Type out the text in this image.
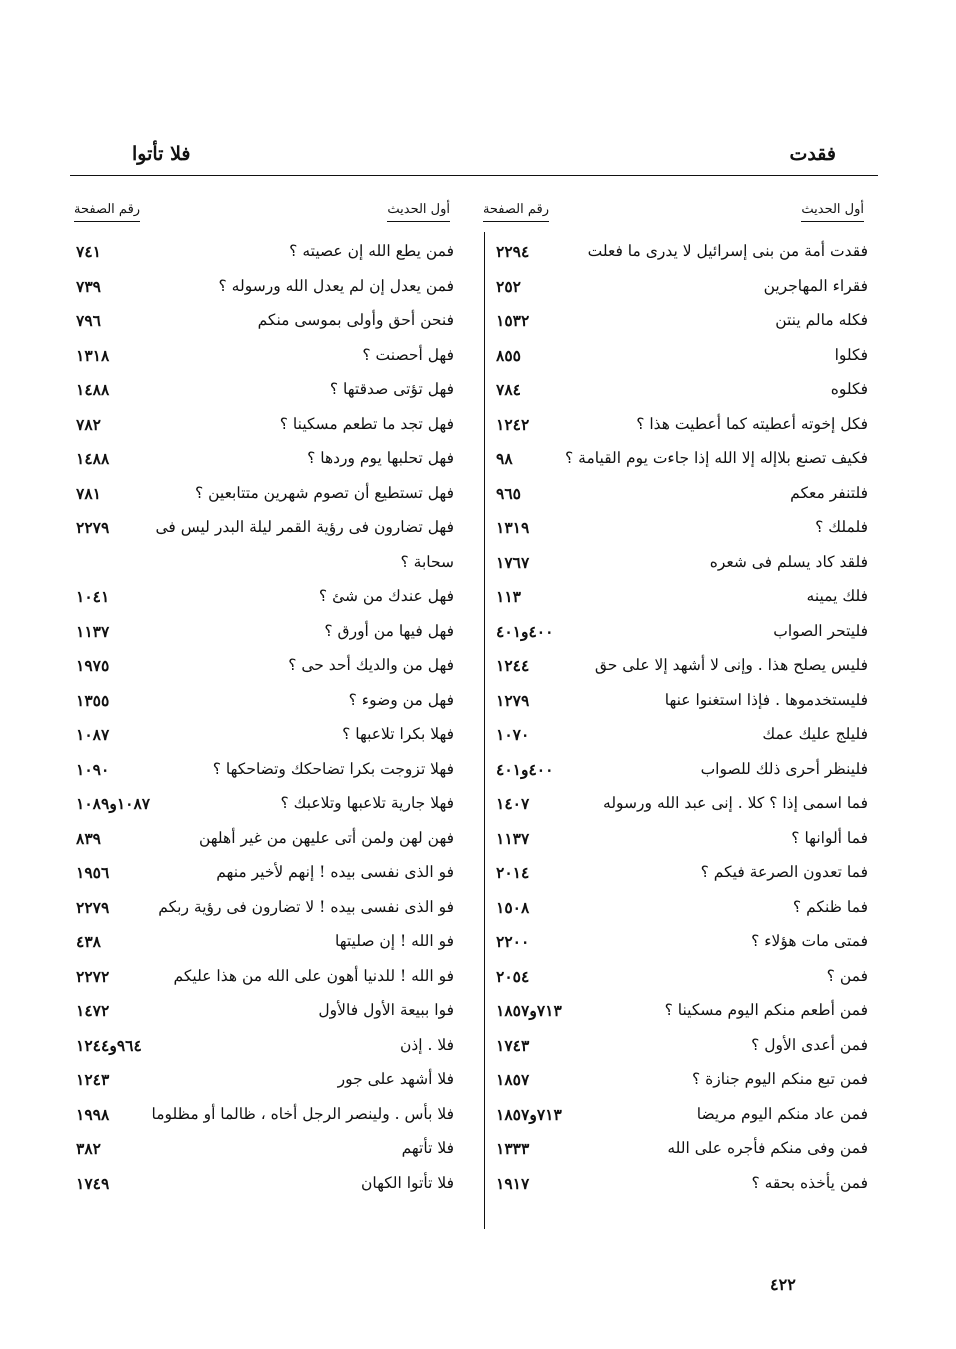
فقدت
فلا تأتوا
أول الحديث
رقم الصفحة
أول الحديث
رقم الصفحة
فقدت أمة من بنى إسرائيل لا يدرى ما فعلت
٢٢٩٤
فقراء المهاجرين
٢٥٢
فكله مالم ينتن
١٥٣٢
فكلوا
٨٥٥
فكلوه
٧٨٤
فكل إخوته أعطيته كما أعطيت هذا ؟
١٢٤٢
فكيف تصنع بلاإله إلا الله إذا جاءت يوم القيامة ؟
٩٨
فلتنفر معكم
٩٦٥
فلملك ؟
١٣١٩
فلقد كاد يسلم فى شعره
١٧٦٧
فلك يمينه
١١٣
فليتحر الصواب
٤٠٠و٤٠١
فليس يصلح هذا . وإنى لا أشهد إلا على حق
١٢٤٤
فليستخدموها . فإذا استغنوا عنها
١٢٧٩
فليلج عليك عمك
١٠٧٠
فلينظر أحرى ذلك للصواب
٤٠٠و٤٠١
فما اسمى إذا ؟ كلا . إنى عبد الله ورسوله
١٤٠٧
فما ألوانها ؟
١١٣٧
فما تعدون الصرعة فيكم ؟
٢٠١٤
فما ظنكم ؟
١٥٠٨
فمتى مات هؤلاء ؟
٢٢٠٠
فمن ؟
٢٠٥٤
فمن أطعم منكم اليوم مسكينا ؟
٧١٣و١٨٥٧
فمن أعدى الأول ؟
١٧٤٣
فمن تبع منكم اليوم جنازة ؟
١٨٥٧
فمن عاد منكم اليوم مريضا
٧١٣و١٨٥٧
فمن وفى منكم فأجره على الله
١٣٣٣
فمن يأخذه بحقه ؟
١٩١٧
فمن يطع الله إن عصيته ؟
٧٤١
فمن يعدل إن لم يعدل الله ورسوله ؟
٧٣٩
فنحن أحق وأولى بموسى منكم
٧٩٦
فهل أحصنت ؟
١٣١٨
فهل تؤتى صدقتها ؟
١٤٨٨
فهل تجد ما تطعم مسكينا ؟
٧٨٢
فهل تحلبها يوم وردها ؟
١٤٨٨
فهل تستطيع أن تصوم شهرين متتابعين ؟
٧٨١
فهل تضارون فى رؤية القمر ليلة البدر ليس فى
٢٢٧٩
سحابة ؟
فهل عندك من شئ ؟
١٠٤١
فهل فيها من أورق ؟
١١٣٧
فهل من والديك أحد حى ؟
١٩٧٥
فهل من وضوء ؟
١٣٥٥
فهلا بكرا تلاعبها ؟
١٠٨٧
فهلا تزوجت بكرا تضاحكك وتضاحكها ؟
١٠٩٠
فهلا جارية تلاعبها وتلاعبك ؟
١٠٨٧و١٠٨٩
فهن لهن ولمن أتى عليهن من غير أهلهن
٨٣٩
فو الذى نفسى بيده ! إنهم لأخير منهم
١٩٥٦
فو الذى نفسى بيده ! لا تضارون فى رؤية ربكم
٢٢٧٩
فو الله ! إن صليتها
٤٣٨
فو الله ! للدنيا أهون على الله من هذا عليكم
٢٢٧٢
فوا ببيعة الأول فالأول
١٤٧٢
فلا . إذن
٩٦٤و١٢٤٤
فلا أشهد على جور
١٢٤٣
فلا بأس . ولينصر الرجل أخاه ، ظالما أو مظلوما
١٩٩٨
فلا تأتهم
٣٨٢
فلا تأتوا الكهان
١٧٤٩
٤٢٢
